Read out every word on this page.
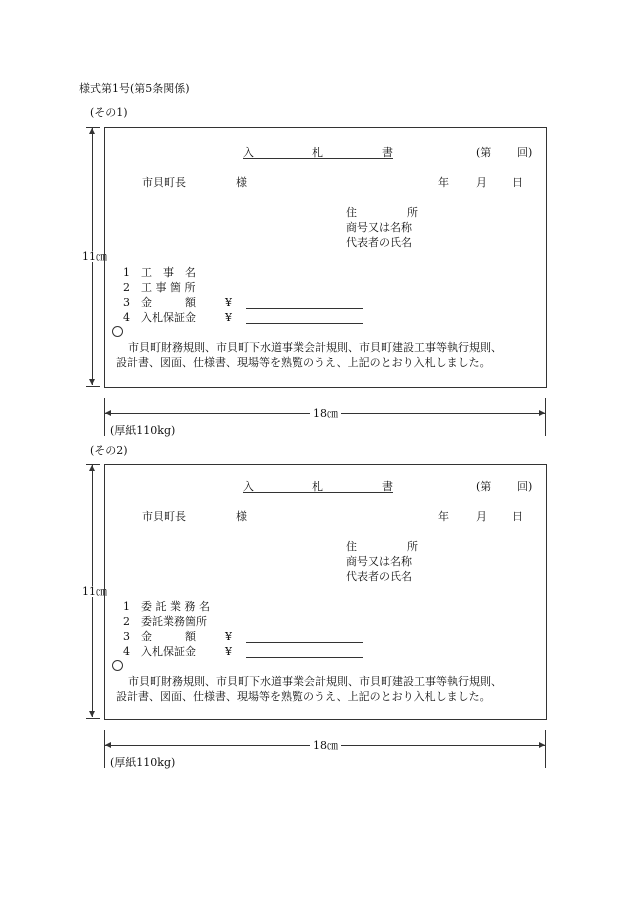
様式第1号(第5条関係)
(その1)
11㎝
入	札	書	(第 回)
市貝町長	様	年 月 日
住	所
商号又は名称
代表者の氏名
1 工　事　名
2 工 事 箇 所
3 金　　　額	¥
4 入札保証金	¥
市貝町財務規則、市貝町下水道事業会計規則、市貝町建設工事等執行規則、
設計書、図面、仕様書、現場等を熟覧のうえ、上記のとおり入札しました。
18㎝
(厚紙110kg)
(その2)
11㎝
入	札	書	(第 回)
市貝町長	様	年 月 日
住	所
商号又は名称
代表者の氏名
1 委 託 業 務 名
2 委託業務箇所
3 金　　　額	¥
4 入札保証金	¥
市貝町財務規則、市貝町下水道事業会計規則、市貝町建設工事等執行規則、
設計書、図面、仕様書、現場等を熟覧のうえ、上記のとおり入札しました。
18㎝
(厚紙110kg)
